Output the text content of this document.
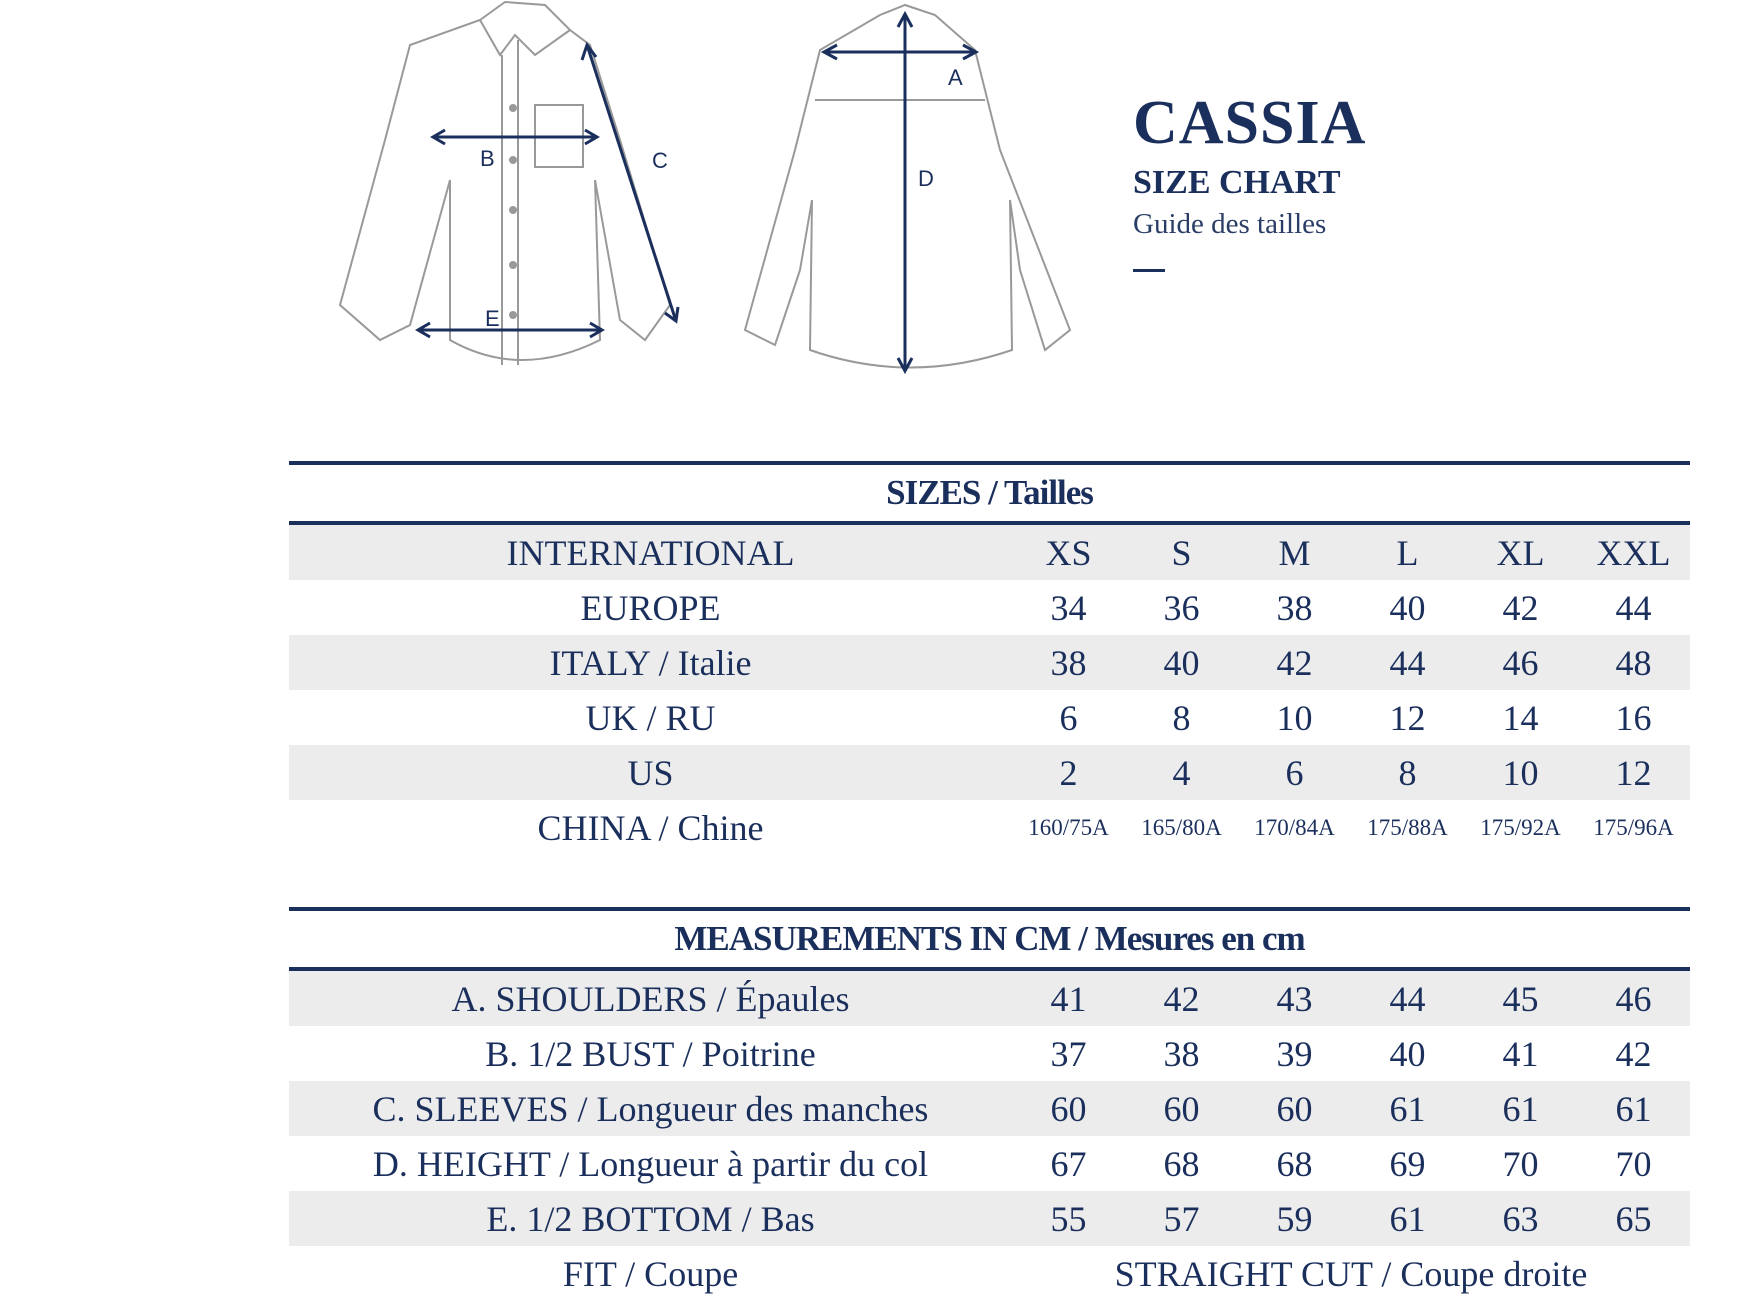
B
E
C
A
D
CASSIA
SIZE CHART
Guide des tailles
SIZES / Tailles						
INTERNATIONAL	XS	S	M	L	XL	XXL
EUROPE	34	36	38	40	42	44
ITALY / Italie	38	40	42	44	46	48
UK / RU	6	8	10	12	14	16
US	2	4	6	8	10	12
CHINA / Chine	160/75A	165/80A	170/84A	175/88A	175/92A	175/96A
MEASUREMENTS IN CM / Mesures en cm						
A. SHOULDERS / Épaules	41	42	43	44	45	46
B. 1/2 BUST / Poitrine	37	38	39	40	41	42
C. SLEEVES / Longueur des manches	60	60	60	61	61	61
D. HEIGHT / Longueur à partir du col	67	68	68	69	70	70
E. 1/2 BOTTOM / Bas	55	57	59	61	63	65
FIT / Coupe	STRAIGHT CUT / Coupe droite					
